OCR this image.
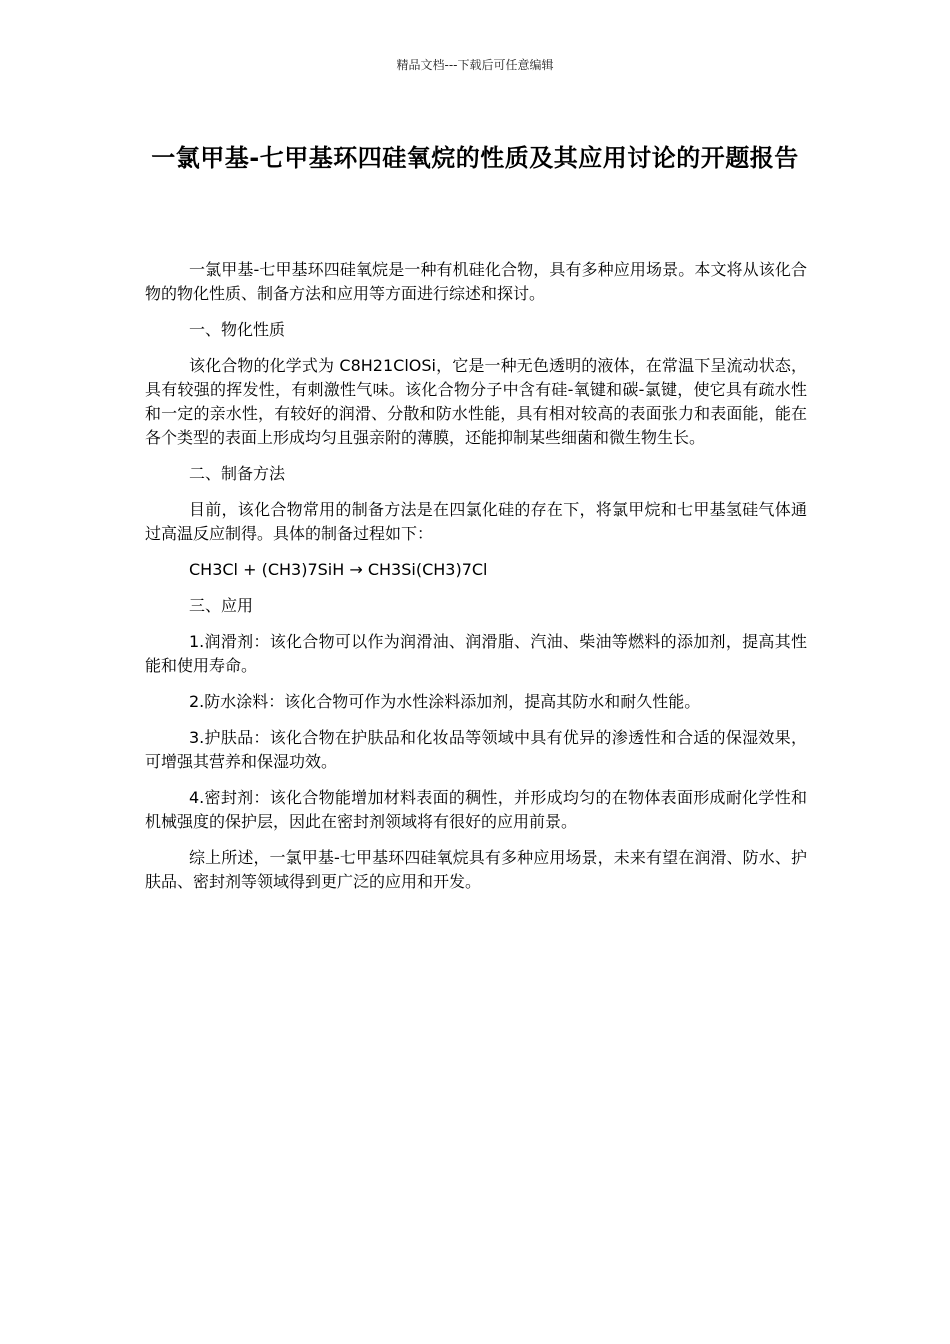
精品文档---下载后可任意编辑
一氯甲基-七甲基环四硅氧烷的性质及其应用讨论的开题报告

一氯甲基-七甲基环四硅氧烷是一种有机硅化合物，具有多种应用场景。本文将从该化合物的物化性质、制备方法和应用等方面进行综述和探讨。

一、物化性质

该化合物的化学式为 C8H21ClOSi，它是一种无色透明的液体，在常温下呈流动状态，具有较强的挥发性，有刺激性气味。该化合物分子中含有硅-氧键和碳-氯键，使它具有疏水性和一定的亲水性，有较好的润滑、分散和防水性能，具有相对较高的表面张力和表面能，能在各个类型的表面上形成均匀且强亲附的薄膜，还能抑制某些细菌和微生物生长。

二、制备方法

目前，该化合物常用的制备方法是在四氯化硅的存在下，将氯甲烷和七甲基氢硅气体通过高温反应制得。具体的制备过程如下：

CH3Cl + (CH3)7SiH → CH3Si(CH3)7Cl

三、应用

1.润滑剂：该化合物可以作为润滑油、润滑脂、汽油、柴油等燃料的添加剂，提高其性能和使用寿命。

2.防水涂料：该化合物可作为水性涂料添加剂，提高其防水和耐久性能。

3.护肤品：该化合物在护肤品和化妆品等领域中具有优异的渗透性和合适的保湿效果，可增强其营养和保湿功效。

4.密封剂：该化合物能增加材料表面的稠性，并形成均匀的在物体表面形成耐化学性和机械强度的保护层，因此在密封剂领域将有很好的应用前景。

综上所述，一氯甲基-七甲基环四硅氧烷具有多种应用场景，未来有望在润滑、防水、护肤品、密封剂等领域得到更广泛的应用和开发。
